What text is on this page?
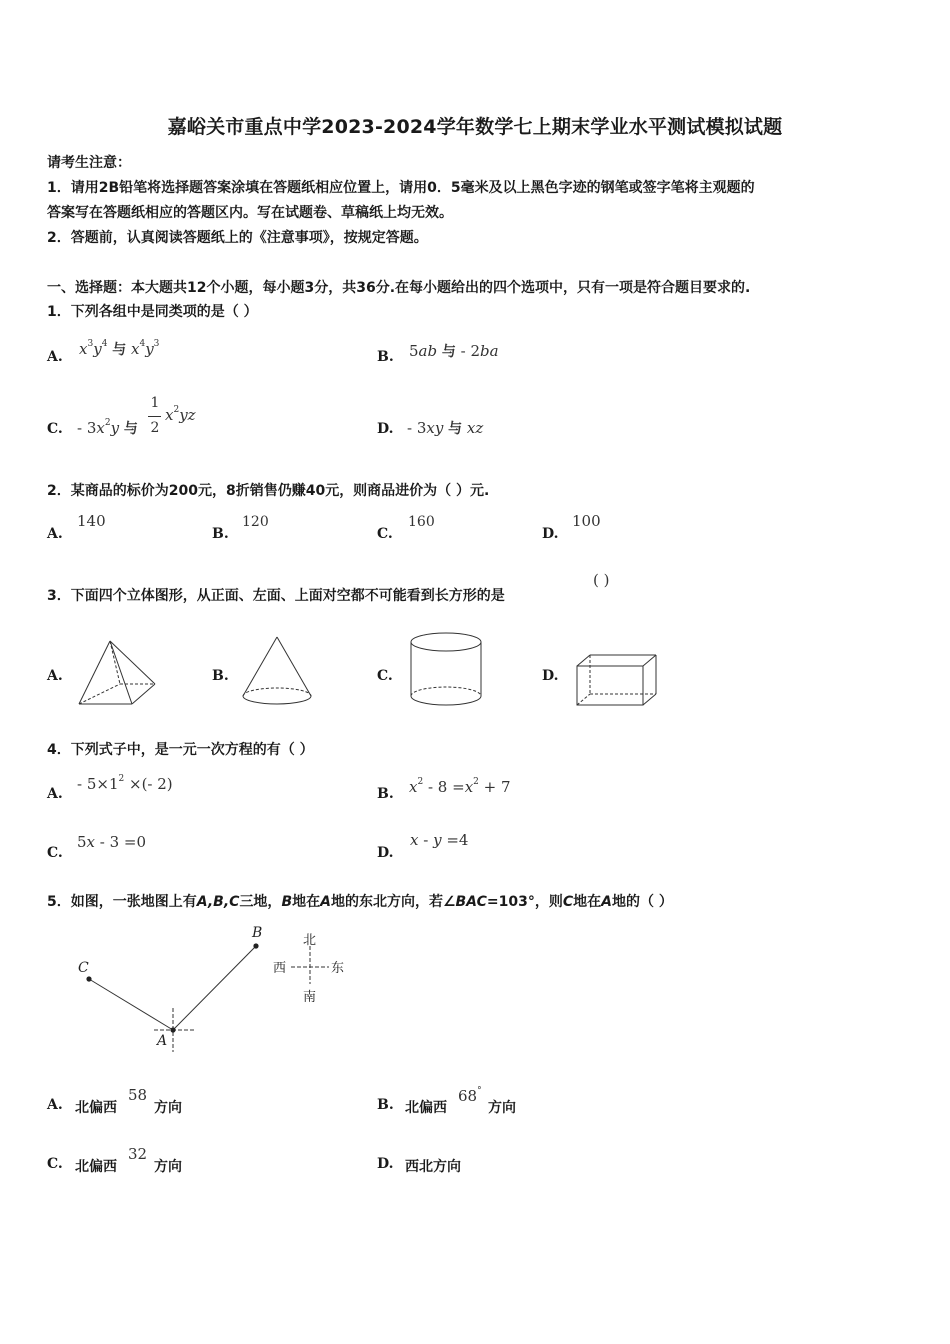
嘉峪关市重点中学2023-2024学年数学七上期末学业水平测试模拟试题
请考生注意：
1．请用2B铅笔将选择题答案涂填在答题纸相应位置上，请用0．5毫米及以上黑色字迹的钢笔或签字笔将主观题的
答案写在答题纸相应的答题区内。写在试题卷、草稿纸上均无效。
2．答题前，认真阅读答题纸上的《注意事项》，按规定答题。
一、选择题：本大题共12个小题，每小题3分，共36分.在每小题给出的四个选项中，只有一项是符合题目要求的.
1．下列各组中是同类项的是（ ）
A. $x^3y^4$ 与 $x^4y^3$
B. 5ab 与 - 2ba
C. - $3x^2y$ 与
1
2
$x^2yz$
D. - 3xy 与 xz
2．某商品的标价为200元，8折销售仍赚40元，则商品进价为（ ）元.
A.
140
B.
120
C.
160
D.
100
3．下面四个立体图形，从正面、左面、上面对空都不可能看到长方形的是
( )
A.	B.	C.	D.
4．下列式子中，是一元一次方程的有（ ）
A.
- $5\times 1^2$ ×(- 2)
B. $x^2 - 8 =x^2 + 7$
C.
5x - 3 =0
D.
x - y =4
5．如图，一张地图上有A,B,C三地，B地在A地的东北方向，若∠BAC=103°，则C地在A地的（ ）
C
B
A
北
西	东
南
A. 北偏西
58
方向	B. 北偏西
68°
方向
C. 北偏西
32
方向	D. 西北方向
